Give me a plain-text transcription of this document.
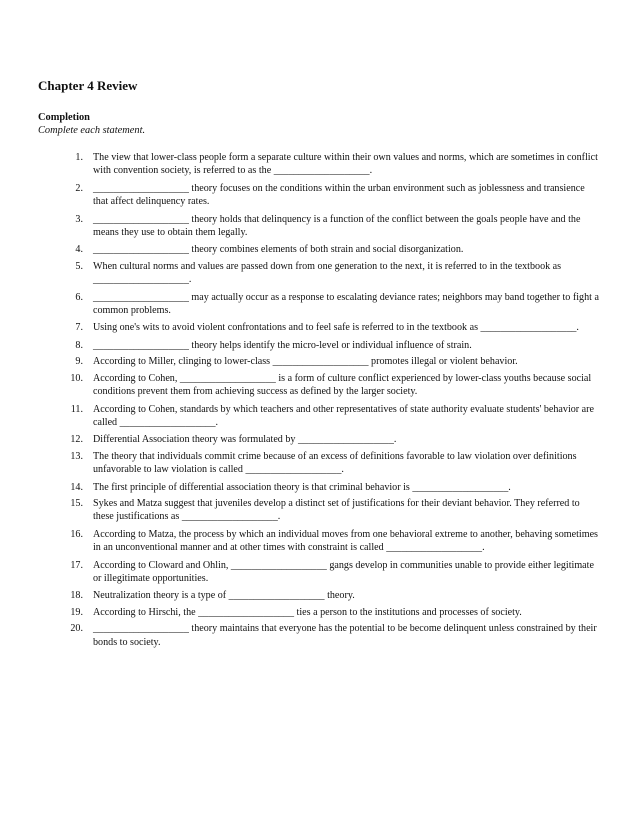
Chapter 4 Review
Completion

Complete each statement.

1. The view that lower-class people form a separate culture within their own values and norms, which are sometimes in conflict with convention society, is referred to as the ___________________.
2. ___________________ theory focuses on the conditions within the urban environment such as joblessness and transience that affect delinquency rates.
3. ___________________ theory holds that delinquency is a function of the conflict between the goals people have and the means they use to obtain them legally.
4. ___________________ theory combines elements of both strain and social disorganization.
5. When cultural norms and values are passed down from one generation to the next, it is referred to in the textbook as ___________________.
6. ___________________ may actually occur as a response to escalating deviance rates; neighbors may band together to fight a common problems.
7. Using one's wits to avoid violent confrontations and to feel safe is referred to in the textbook as ___________________.
8. ___________________ theory helps identify the micro-level or individual influence of strain.
9. According to Miller, clinging to lower-class ___________________ promotes illegal or violent behavior.
10. According to Cohen, ___________________ is a form of culture conflict experienced by lower-class youths because social conditions prevent them from achieving success as defined by the larger society.
11. According to Cohen, standards by which teachers and other representatives of state authority evaluate students' behavior are called ___________________.
12. Differential Association theory was formulated by ___________________.
13. The theory that individuals commit crime because of an excess of definitions favorable to law violation over definitions unfavorable to law violation is called ___________________.
14. The first principle of differential association theory is that criminal behavior is ___________________.
15. Sykes and Matza suggest that juveniles develop a distinct set of justifications for their deviant behavior. They referred to these justifications as ___________________.
16. According to Matza, the process by which an individual moves from one behavioral extreme to another, behaving sometimes in an unconventional manner and at other times with constraint is called ___________________.
17. According to Cloward and Ohlin, ___________________ gangs develop in communities unable to provide either legitimate or illegitimate opportunities.
18. Neutralization theory is a type of ___________________ theory.
19. According to Hirschi, the ___________________ ties a person to the institutions and processes of society.
20. ___________________ theory maintains that everyone has the potential to be become delinquent unless constrained by their bonds to society.
